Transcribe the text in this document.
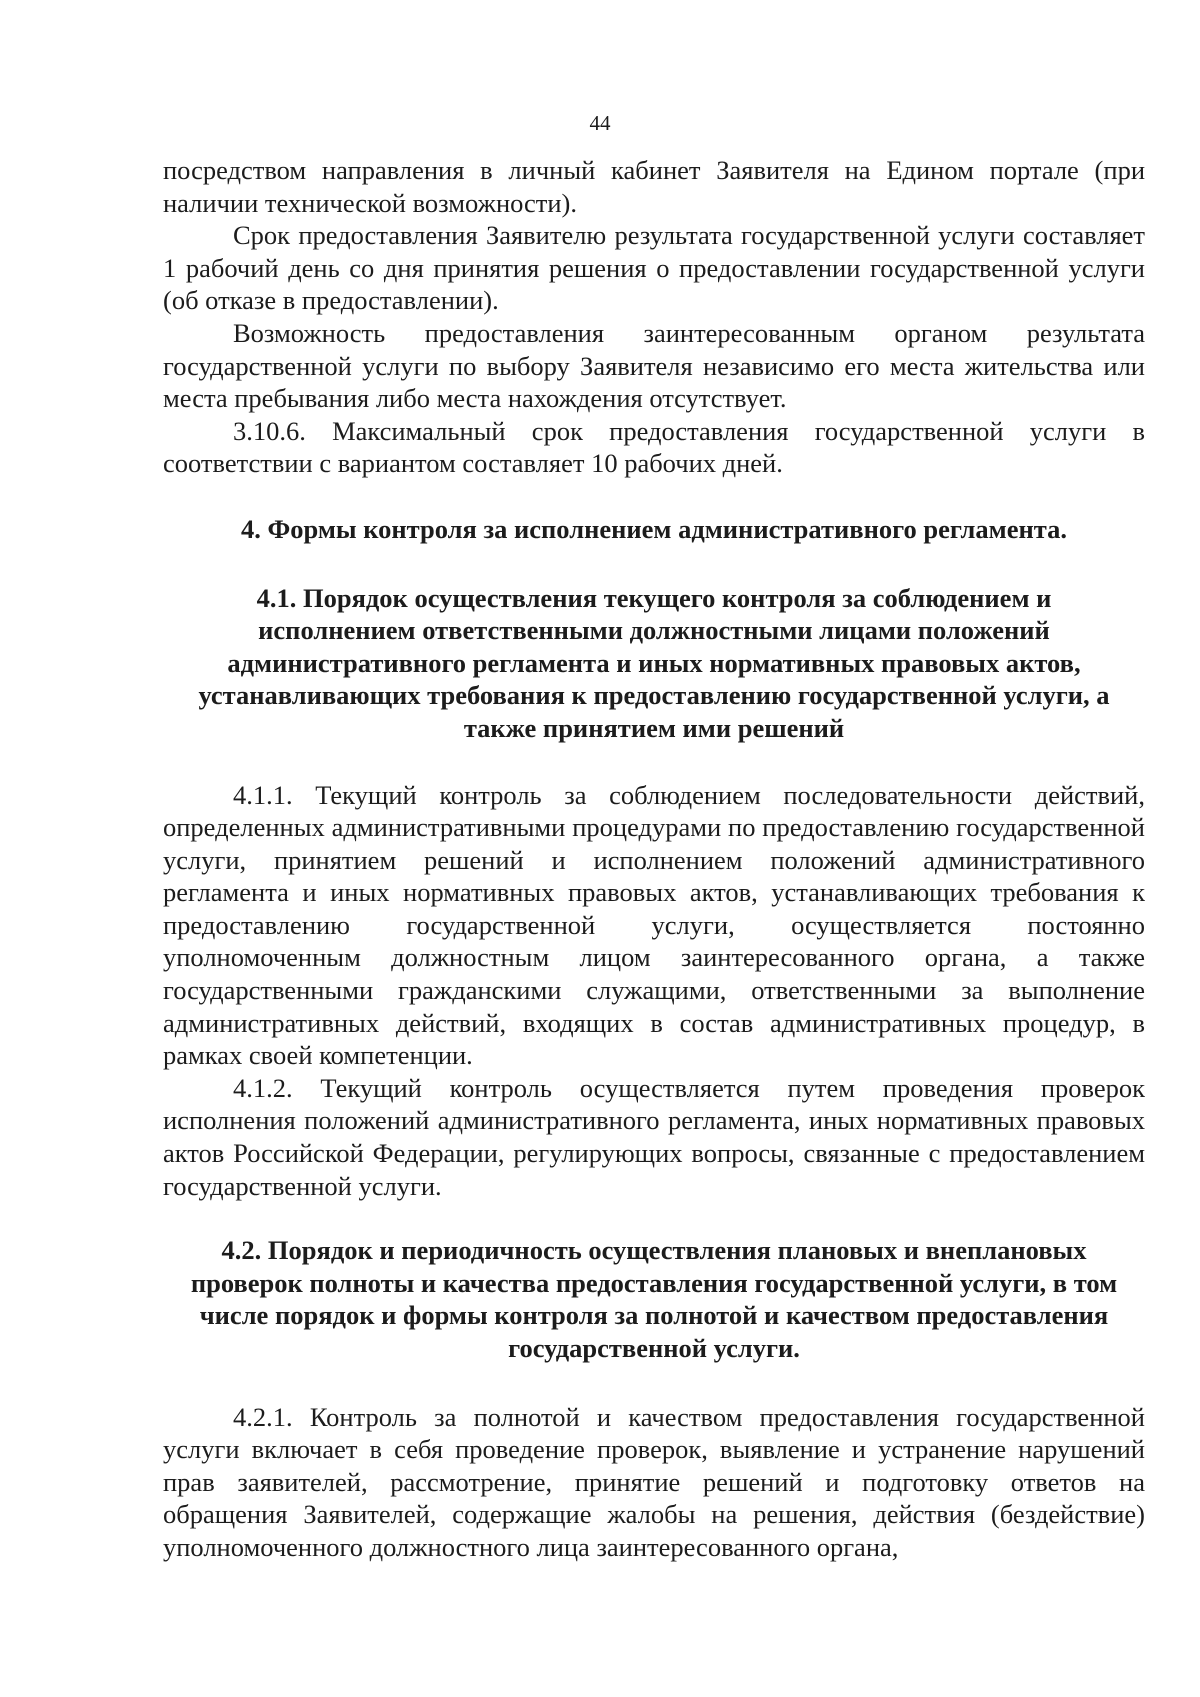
44

посредством направления в личный кабинет Заявителя на Едином портале (при наличии технической возможности).

Срок предоставления Заявителю результата государственной услуги составляет 1 рабочий день со дня принятия решения о предоставлении государственной услуги (об отказе в предоставлении).

Возможность предоставления заинтересованным органом результата государственной услуги по выбору Заявителя независимо его места жительства или места пребывания либо места нахождения отсутствует.

3.10.6. Максимальный срок предоставления государственной услуги в соответствии с вариантом составляет 10 рабочих дней.

4. Формы контроля за исполнением административного регламента.
4.1. Порядок осуществления текущего контроля за соблюдением и исполнением ответственными должностными лицами положений административного регламента и иных нормативных правовых актов, устанавливающих требования к предоставлению государственной услуги, а также принятием ими решений

4.1.1. Текущий контроль за соблюдением последовательности действий, определенных административными процедурами по предоставлению государственной услуги, принятием решений и исполнением положений административного регламента и иных нормативных правовых актов, устанавливающих требования к предоставлению государственной услуги, осуществляется постоянно уполномоченным должностным лицом заинтересованного органа, а также государственными гражданскими служащими, ответственными за выполнение административных действий, входящих в состав административных процедур, в рамках своей компетенции.

4.1.2. Текущий контроль осуществляется путем проведения проверок исполнения положений административного регламента, иных нормативных правовых актов Российской Федерации, регулирующих вопросы, связанные с предоставлением государственной услуги.

4.2. Порядок и периодичность осуществления плановых и внеплановых проверок полноты и качества предоставления государственной услуги, в том числе порядок и формы контроля за полнотой и качеством предоставления государственной услуги.

4.2.1. Контроль за полнотой и качеством предоставления государственной услуги включает в себя проведение проверок, выявление и устранение нарушений прав заявителей, рассмотрение, принятие решений и подготовку ответов на обращения Заявителей, содержащие жалобы на решения, действия (бездействие) уполномоченного должностного лица заинтересованного органа,
